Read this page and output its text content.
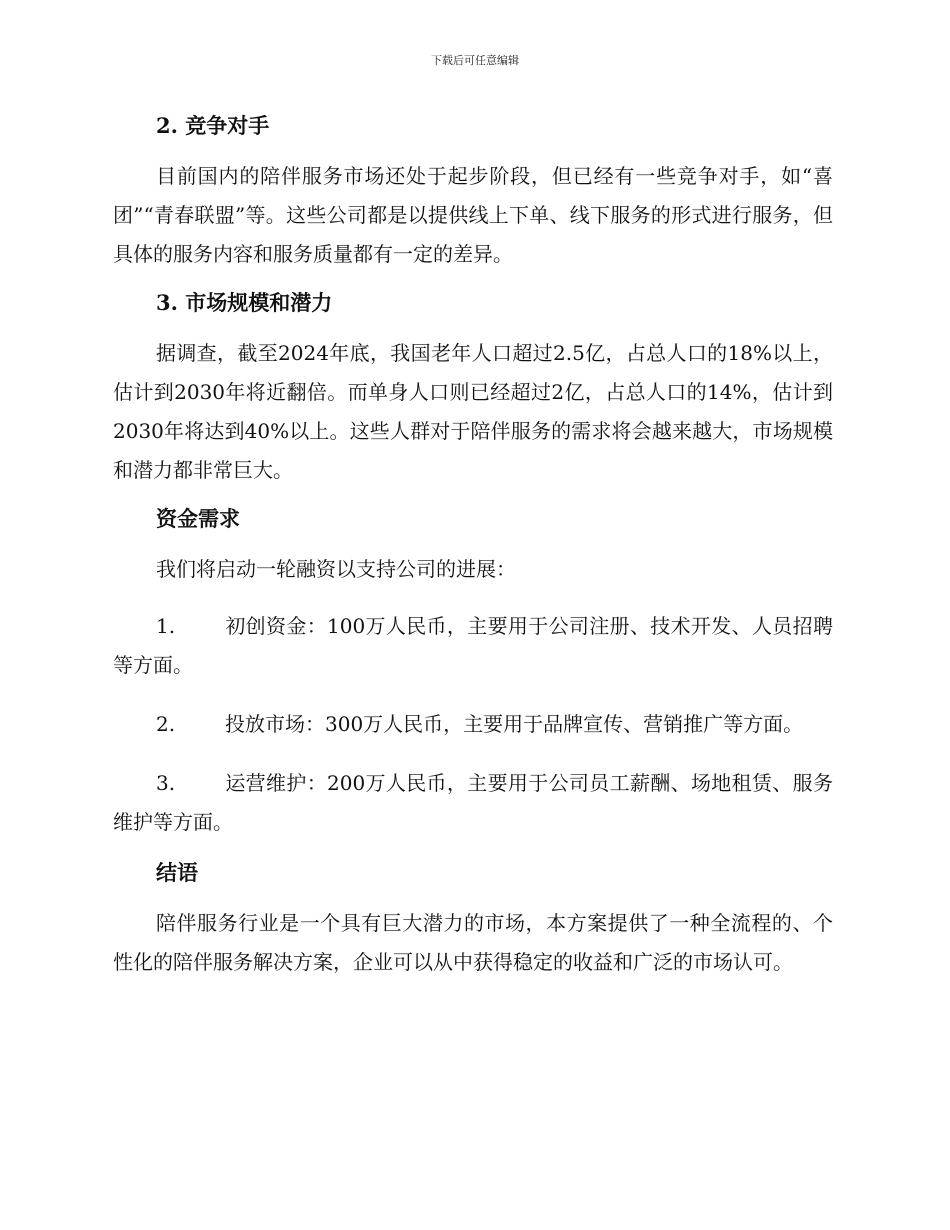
下载后可任意编辑
2. 竞争对手

目前国内的陪伴服务市场还处于起步阶段，但已经有一些竞争对手，如“喜团”“青春联盟”等。这些公司都是以提供线上下单、线下服务的形式进行服务，但具体的服务内容和服务质量都有一定的差异。

3. 市场规模和潜力

据调查，截至2024年底，我国老年人口超过2.5亿，占总人口的18%以上，估计到2030年将近翻倍。而单身人口则已经超过2亿，占总人口的14%，估计到2030年将达到40%以上。这些人群对于陪伴服务的需求将会越来越大，市场规模和潜力都非常巨大。

资金需求

我们将启动一轮融资以支持公司的进展：

1. 初创资金：100万人民币，主要用于公司注册、技术开发、人员招聘等方面。

2. 投放市场：300万人民币，主要用于品牌宣传、营销推广等方面。

3. 运营维护：200万人民币，主要用于公司员工薪酬、场地租赁、服务维护等方面。

结语

陪伴服务行业是一个具有巨大潜力的市场，本方案提供了一种全流程的、个性化的陪伴服务解决方案，企业可以从中获得稳定的收益和广泛的市场认可。
